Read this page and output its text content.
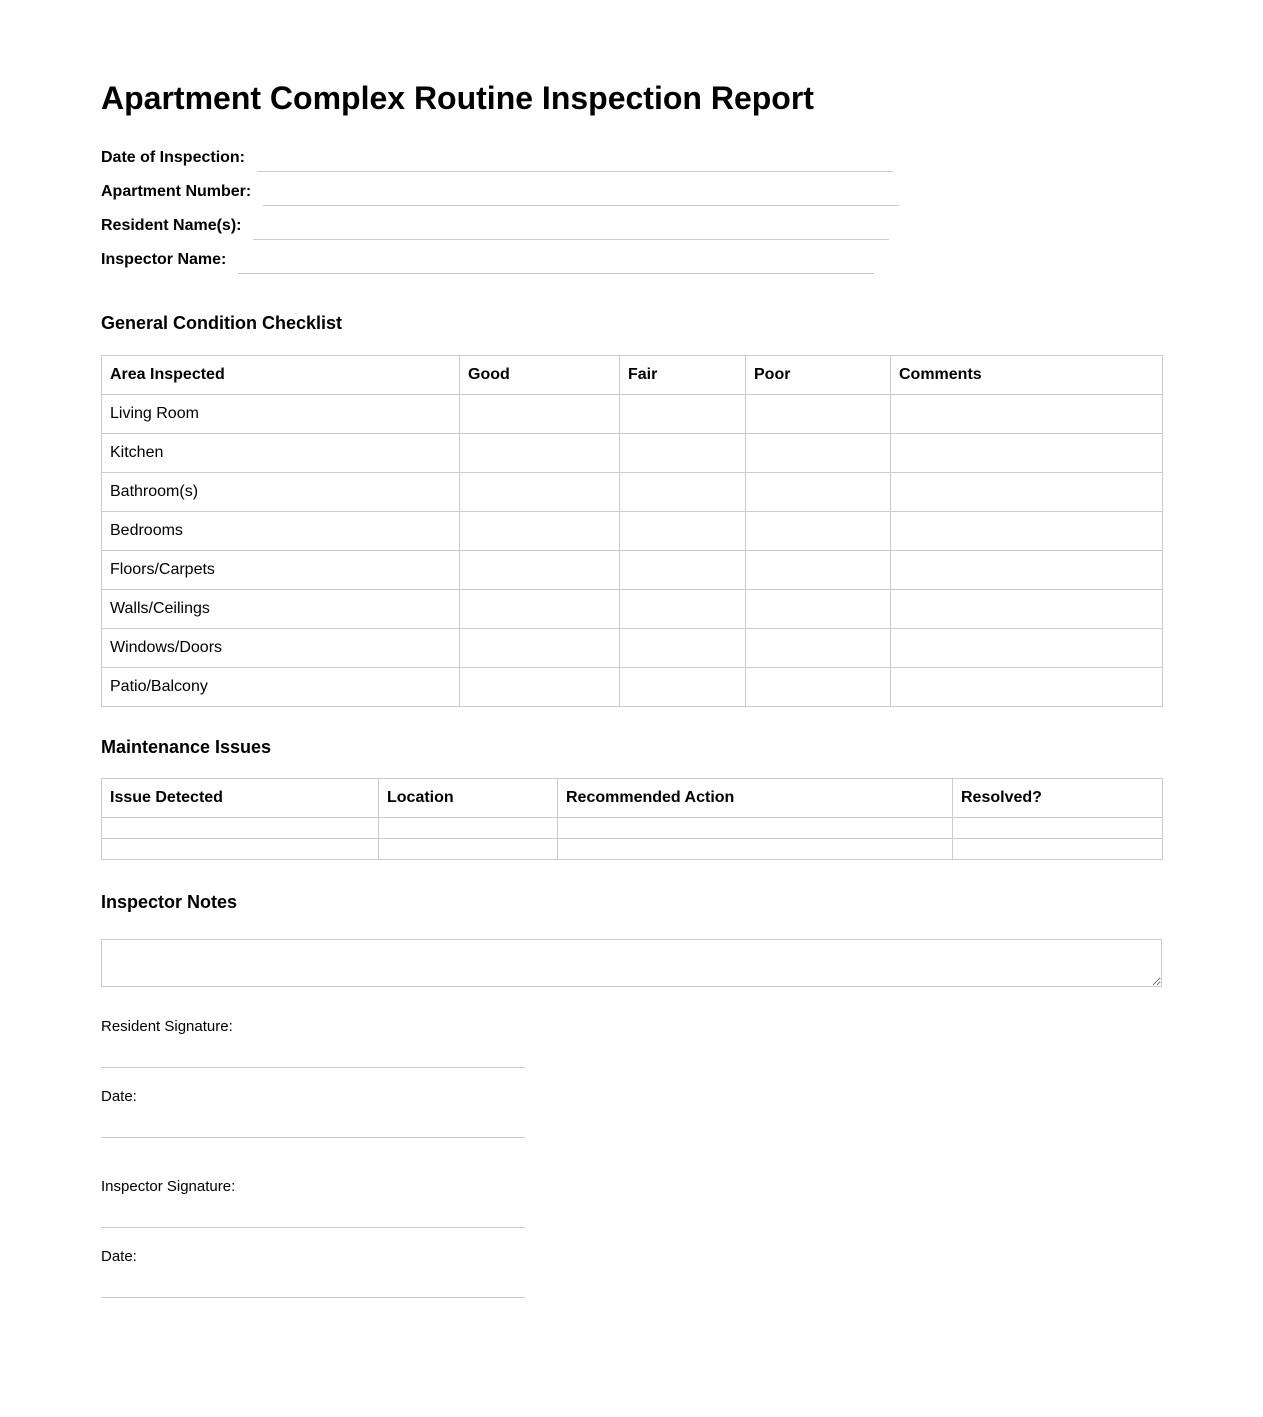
Apartment Complex Routine Inspection Report
Date of Inspection:
Apartment Number:
Resident Name(s):
Inspector Name:
General Condition Checklist
Area Inspected	Good	Fair	Poor	Comments
Living Room				
Kitchen				
Bathroom(s)				
Bedrooms				
Floors/Carpets				
Walls/Ceilings				
Windows/Doors				
Patio/Balcony				
Maintenance Issues
Issue Detected	Location	Recommended Action	Resolved?

Inspector Notes
Resident Signature:
Date:
Inspector Signature:
Date:
